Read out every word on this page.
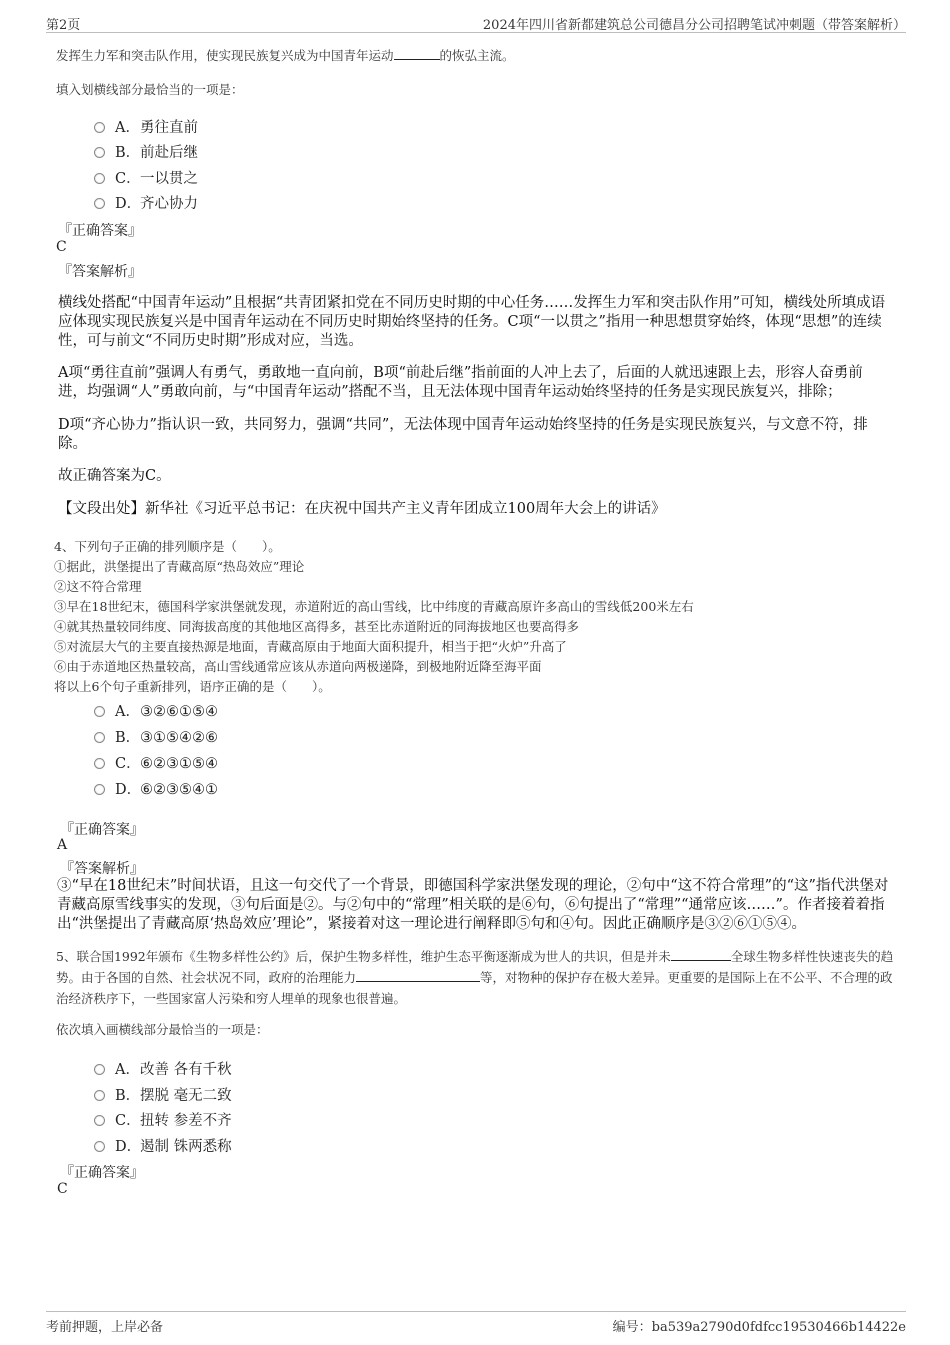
第2页	2024年四川省新都建筑总公司德昌分公司招聘笔试冲刺题（带答案解析）
发挥生力军和突击队作用，使实现民族复兴成为中国青年运动	的恢弘主流。
填入划横线部分最恰当的一项是：
A．勇往直前
B．前赴后继
C．一以贯之
D．齐心协力
『正确答案』
C
『答案解析』
横线处搭配“中国青年运动”且根据“共青团紧扣党在不同历史时期的中心任务……发挥生力军和突击队作用”可知，横线处所填成语应体现实现民族复兴是中国青年运动在不同历史时期始终坚持的任务。C项“一以贯之”指用一种思想贯穿始终，体现“思想”的连续性，可与前文“不同历史时期”形成对应，当选。
A项“勇往直前”强调人有勇气，勇敢地一直向前，B项“前赴后继”指前面的人冲上去了，后面的人就迅速跟上去，形容人奋勇前进，均强调“人”勇敢向前，与“中国青年运动”搭配不当，且无法体现中国青年运动始终坚持的任务是实现民族复兴，排除；
D项“齐心协力”指认识一致，共同努力，强调“共同”，无法体现中国青年运动始终坚持的任务是实现民族复兴，与文意不符，排除。
故正确答案为C。
【文段出处】新华社《习近平总书记：在庆祝中国共产主义青年团成立100周年大会上的讲话》
4、下列句子正确的排列顺序是（　　）。
①据此，洪堡提出了青藏高原“热岛效应”理论
②这不符合常理
③早在18世纪末，德国科学家洪堡就发现，赤道附近的高山雪线，比中纬度的青藏高原许多高山的雪线低200米左右
④就其热量较同纬度、同海拔高度的其他地区高得多，甚至比赤道附近的同海拔地区也要高得多
⑤对流层大气的主要直接热源是地面，青藏高原由于地面大面积提升，相当于把“火炉”升高了
⑥由于赤道地区热量较高，高山雪线通常应该从赤道向两极递降，到极地附近降至海平面
将以上6个句子重新排列，语序正确的是（　　）。
A．③②⑥①⑤④
B．③①⑤④②⑥
C．⑥②③①⑤④
D．⑥②③⑤④①
『正确答案』
A
『答案解析』
③“早在18世纪末”时间状语，且这一句交代了一个背景，即德国科学家洪堡发现的理论，②句中“这不符合常理”的“这”指代洪堡对青藏高原雪线事实的发现，③句后面是②。与②句中的“常理”相关联的是⑥句，⑥句提出了“常理”“通常应该……”。作者接着着指出“洪堡提出了青藏高原‘热岛效应’理论”，紧接着对这一理论进行阐释即⑤句和④句。因此正确顺序是③②⑥①⑤④。
5、联合国1992年颁布《生物多样性公约》后，保护生物多样性，维护生态平衡逐渐成为世人的共识，但是并未	全球生物多样性快速丧失的趋势。由于各国的自然、社会状况不同，政府的治理能力	等，对物种的保护存在极大差异。更重要的是国际上在不公平、不合理的政治经济秩序下，一些国家富人污染和穷人埋单的现象也很普遍。
依次填入画横线部分最恰当的一项是：
A．改善 各有千秋
B．摆脱 毫无二致
C．扭转 参差不齐
D．遏制 铢两悉称
『正确答案』
C
考前押题，上岸必备	编号：ba539a2790d0fdfcc19530466b14422e
